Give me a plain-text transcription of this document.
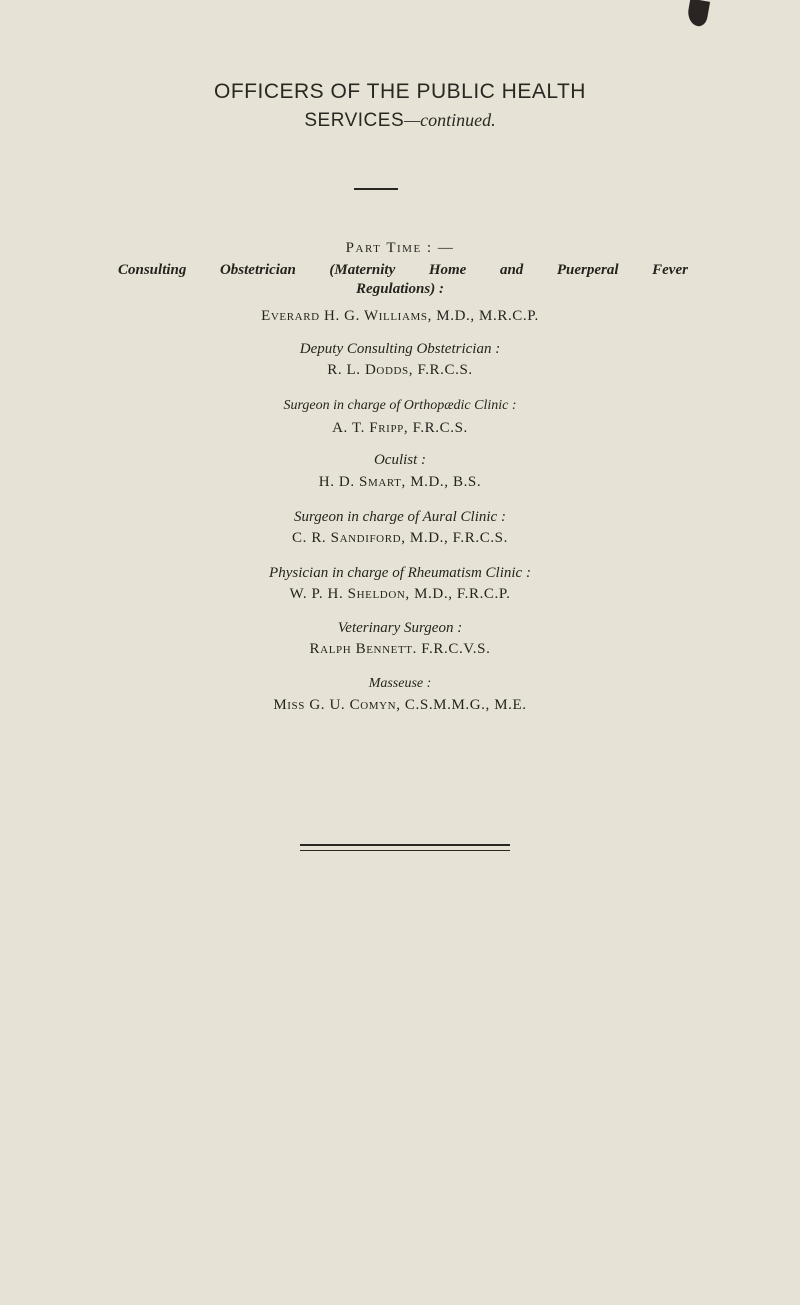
OFFICERS OF THE PUBLIC HEALTH
SERVICES—continued.
Part Time : —
Consulting Obstetrician (Maternity Home and Puerperal Fever
Regulations) :
Everard H. G. Williams, M.D., M.R.C.P.
Deputy Consulting Obstetrician :
R. L. Dodds, F.R.C.S.
Surgeon in charge of Orthopædic Clinic :
A. T. Fripp, F.R.C.S.
Oculist :
H. D. Smart, M.D., B.S.
Surgeon in charge of Aural Clinic :
C. R. Sandiford, M.D., F.R.C.S.
Physician in charge of Rheumatism Clinic :
W. P. H. Sheldon, M.D., F.R.C.P.
Veterinary Surgeon :
Ralph Bennett. F.R.C.V.S.
Masseuse :
Miss G. U. Comyn, C.S.M.M.G., M.E.
